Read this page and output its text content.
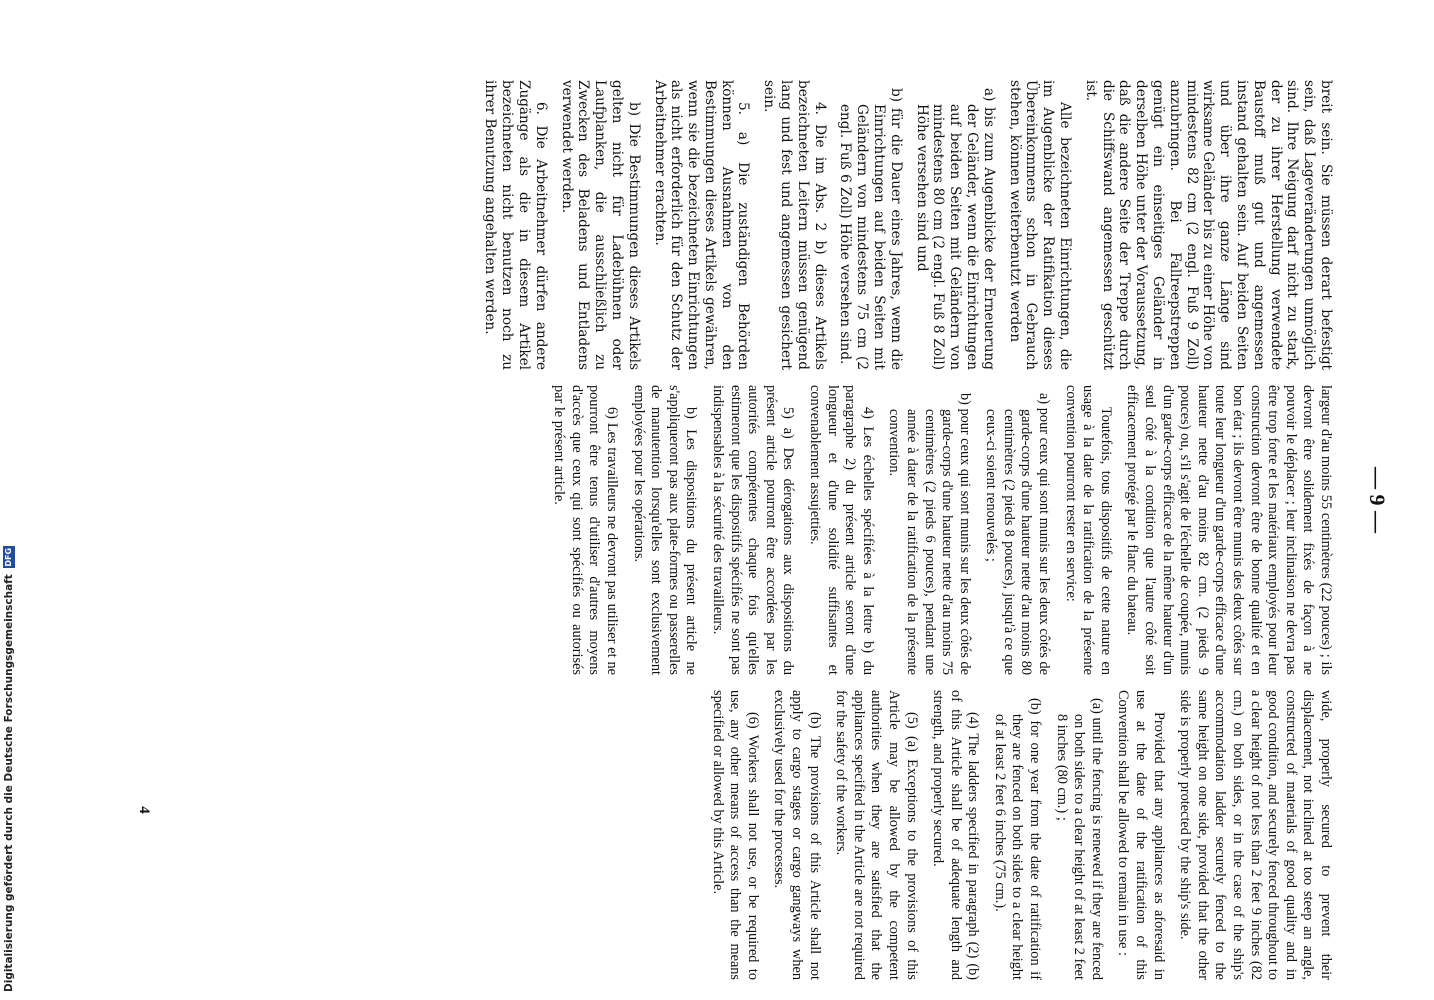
— 9 —

breit sein. Sie müssen derart befestigt sein, daß Lageveränderungen unmöglich sind. Ihre Neigung darf nicht zu stark, der zu ihrer Herstellung verwendete Baustoff muß gut und angemessen instand gehalten sein. Auf beiden Seiten und über ihre ganze Länge sind wirksame Geländer bis zu einer Höhe von mindestens 82 cm (2 engl. Fuß 9 Zoll) anzubringen. Bei Fallreepstreppen genügt ein einseitiges Geländer in derselben Höhe unter der Voraussetzung, daß die andere Seite der Treppe durch die Schiffswand angemessen geschützt ist.

Alle bezeichneten Einrichtungen, die im Augenblicke der Ratifikation dieses Übereinkommens schon in Gebrauch stehen, können weiterbenutzt werden

a) bis zum Augenblicke der Erneuerung der Geländer, wenn die Einrichtungen auf beiden Seiten mit Geländern von mindestens 80 cm (2 engl. Fuß 8 Zoll) Höhe versehen sind und

b) für die Dauer eines Jahres, wenn die Einrichtungen auf beiden Seiten mit Geländern von mindestens 75 cm (2 engl. Fuß 6 Zoll) Höhe versehen sind.

4. Die im Abs. 2 b) dieses Artikels bezeichneten Leitern müssen genügend lang und fest und angemessen gesichert sein.

5. a) Die zuständigen Behörden können Ausnahmen von den Bestimmungen dieses Artikels gewähren, wenn sie die bezeichneten Einrichtungen als nicht erforderlich für den Schutz der Arbeitnehmer erachten.

b) Die Bestimmungen dieses Artikels gelten nicht für Ladebühnen oder Laufplanken, die ausschließlich zu Zwecken des Beladens und Entladens verwendet werden.

6. Die Arbeitnehmer dürfen andere Zugänge als die in diesem Artikel bezeichneten nicht benutzen noch zu ihrer Benutzung angehalten werden.

largeur d'au moins 55 centimètres (22 pouces) ; ils devront être solidement fixés de façon à ne pouvoir le déplacer ; leur inclinaison ne devra pas être trop forte et les matériaux employés pour leur construction devront être de bonne qualité et en bon état ; ils devront être munis des deux côtés sur toute leur longueur d'un garde-corps efficace d'une hauteur nette d'au moins 82 cm. (2 pieds 9 pouces) ou, s'il s'agit de l'échelle de coupée, munis d'un garde-corps efficace de la même hauteur d'un seul côté à la condition que l'autre côté soit efficacement protégé par le flanc du bateau.

Toutefois, tous dispositifs de cette nature en usage à la date de la ratification de la présente convention pourront rester en service:

a) pour ceux qui sont munis sur les deux côtés de garde-corps d'une hauteur nette d'au moins 80 centimètres (2 pieds 8 pouces), jusqu'à ce que ceux-ci soient renouvelés ;

b) pour ceux qui sont munis sur les deux côtés de garde-corps d'une hauteur nette d'au moins 75 centimètres (2 pieds 6 pouces), pendant une année à dater de la ratification de la présente convention.

4) Les échelles spécifiées à la lettre b) du paragraphe 2) du présent article seront d'une longueur et d'une solidité suffisantes et convenablement assujetties.

5) a) Des dérogations aux dispositions du présent article pourront être accordées par les autorités compétentes chaque fois qu'elles estimeront que les dispositifs spécifiés ne sont pas indispensables à la sécurité des travailleurs.

b) Les dispositions du présent article ne s'appliqueront pas aux plate-formes ou passerelles de manutention lorsqu'elles sont exclusivement employées pour les opérations.

6) Les travailleurs ne devront pas utiliser et ne pourront être tenus d'utiliser d'autres moyens d'accès que ceux qui sont spécifiés ou autorisés par le présent article.

wide, properly secured to prevent their displacement, not inclined at too steep an angle, constructed of materials of good quality and in good condition, and securely fenced throughout to a clear height of not less than 2 feet 9 inches (82 cm.) on both sides, or in the case of the ship's accommodation ladder securely fenced to the same height on one side, provided that the other side is properly protected by the ship's side.

Provided that any appliances as aforesaid in use at the date of the ratification of this Convention shall be allowed to remain in use :

(a) until the fencing is renewed if they are fenced on both sides to a clear height of at least 2 feet 8 inches (80 cm.) ;

(b) for one year from the date of ratification if they are fenced on both sides to a clear height of at least 2 feet 6 inches (75 cm.).

(4) The ladders specified in paragraph (2) (b) of this Article shall be of adequate length and strength, and properly secured.

(5) (a) Exceptions to the provisions of this Article may be allowed by the competent authorities when they are satisfied that the appliances specified in the Article are not required for the safety of the workers.

(b) The provisions of this Article shall not apply to cargo stages or cargo gangways when exclusively used for the processes.

(6) Workers shall not use, or be required to use, any other means of access than the means specified or allowed by this Article.

4
Digitalisierung gefördert durch die Deutsche Forschungsgemeinschaft
DFG
